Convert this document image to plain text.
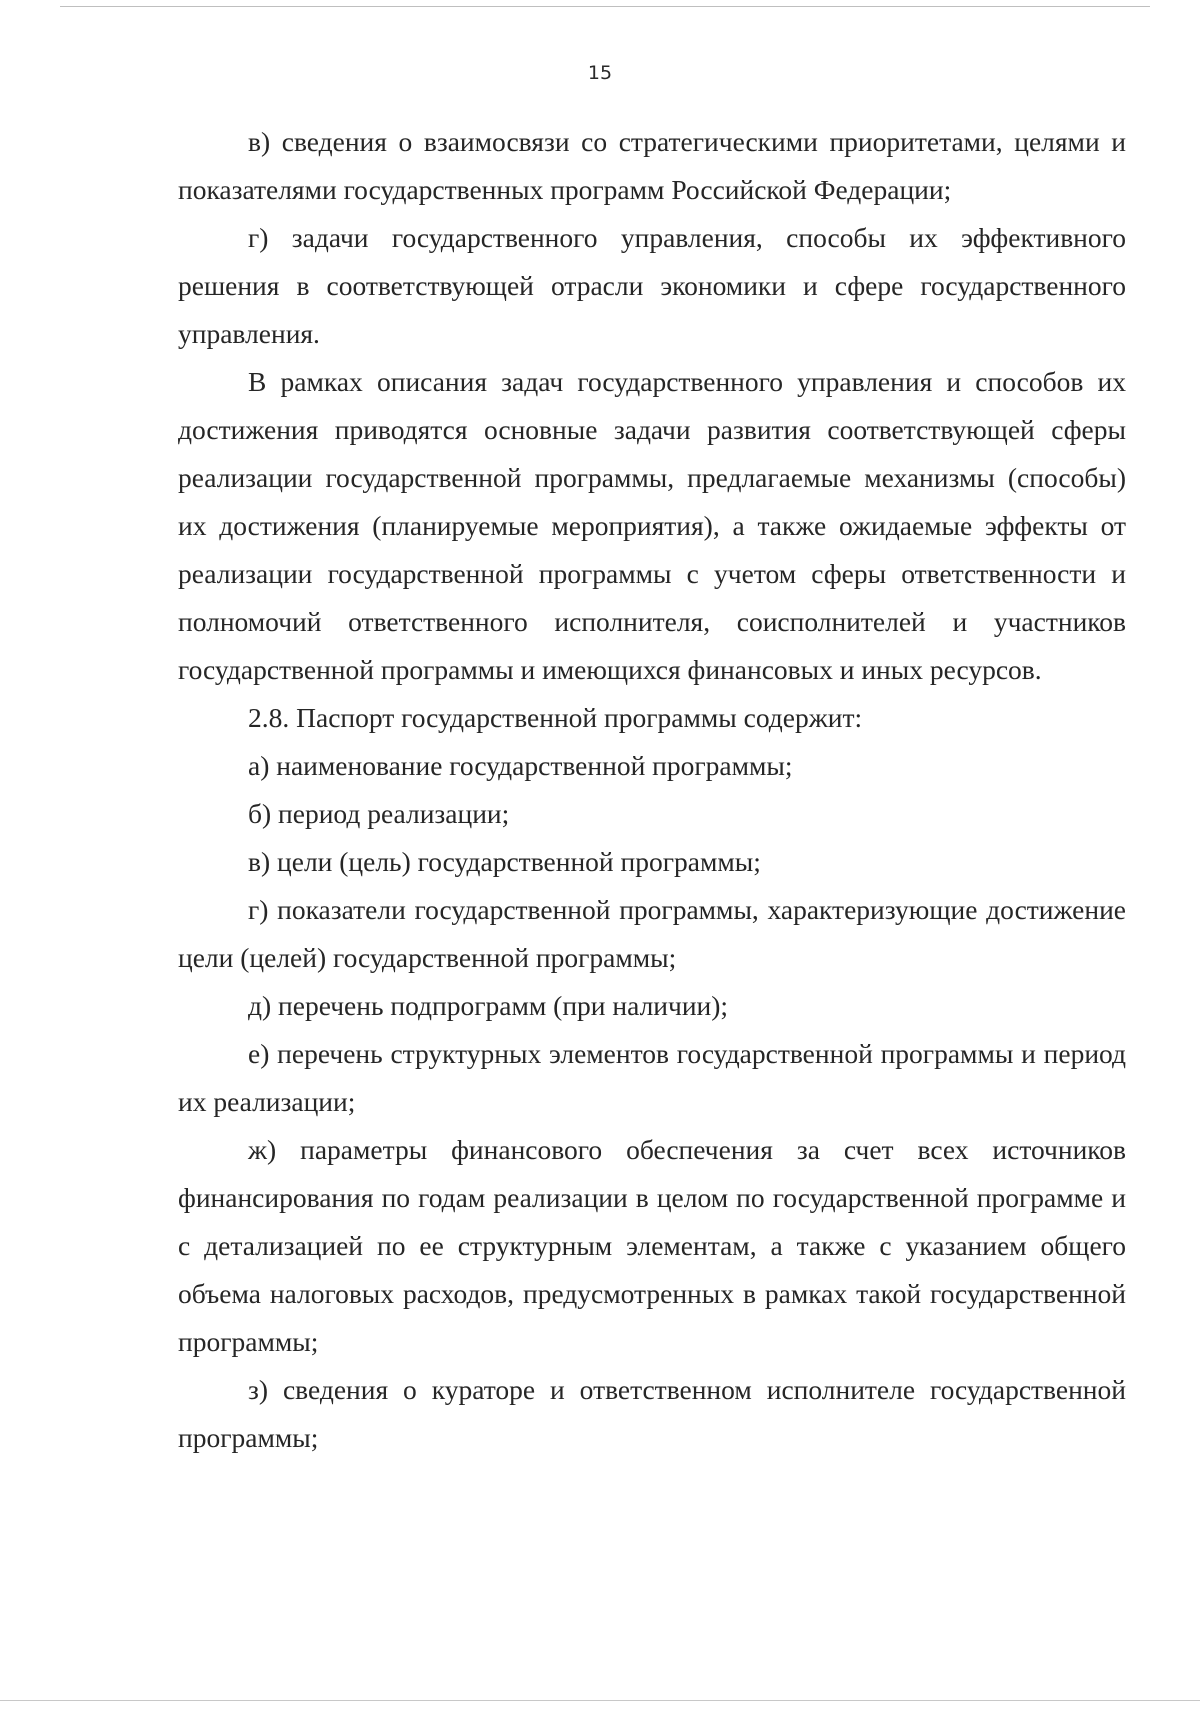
15

в) сведения о взаимосвязи со стратегическими приоритетами, целями и показателями государственных программ Российской Федерации;

г) задачи государственного управления, способы их эффективного решения в соответствующей отрасли экономики и сфере государственного управления.

В рамках описания задач государственного управления и способов их достижения приводятся основные задачи развития соответствующей сферы реализации государственной программы, предлагаемые механизмы (способы) их достижения (планируемые мероприятия), а также ожидаемые эффекты от реализации государственной программы с учетом сферы ответственности и полномочий ответственного исполнителя, соисполнителей и участников государственной программы и имеющихся финансовых и иных ресурсов.

2.8. Паспорт государственной программы содержит:

а) наименование государственной программы;

б) период реализации;

в) цели (цель) государственной программы;

г) показатели государственной программы, характеризующие достижение цели (целей) государственной программы;

д) перечень подпрограмм (при наличии);

е) перечень структурных элементов государственной программы и период их реализации;

ж) параметры финансового обеспечения за счет всех источников финансирования по годам реализации в целом по государственной программе и с детализацией по ее структурным элементам, а также с указанием общего объема налоговых расходов, предусмотренных в рамках такой государственной программы;

з) сведения о кураторе и ответственном исполнителе государственной программы;
